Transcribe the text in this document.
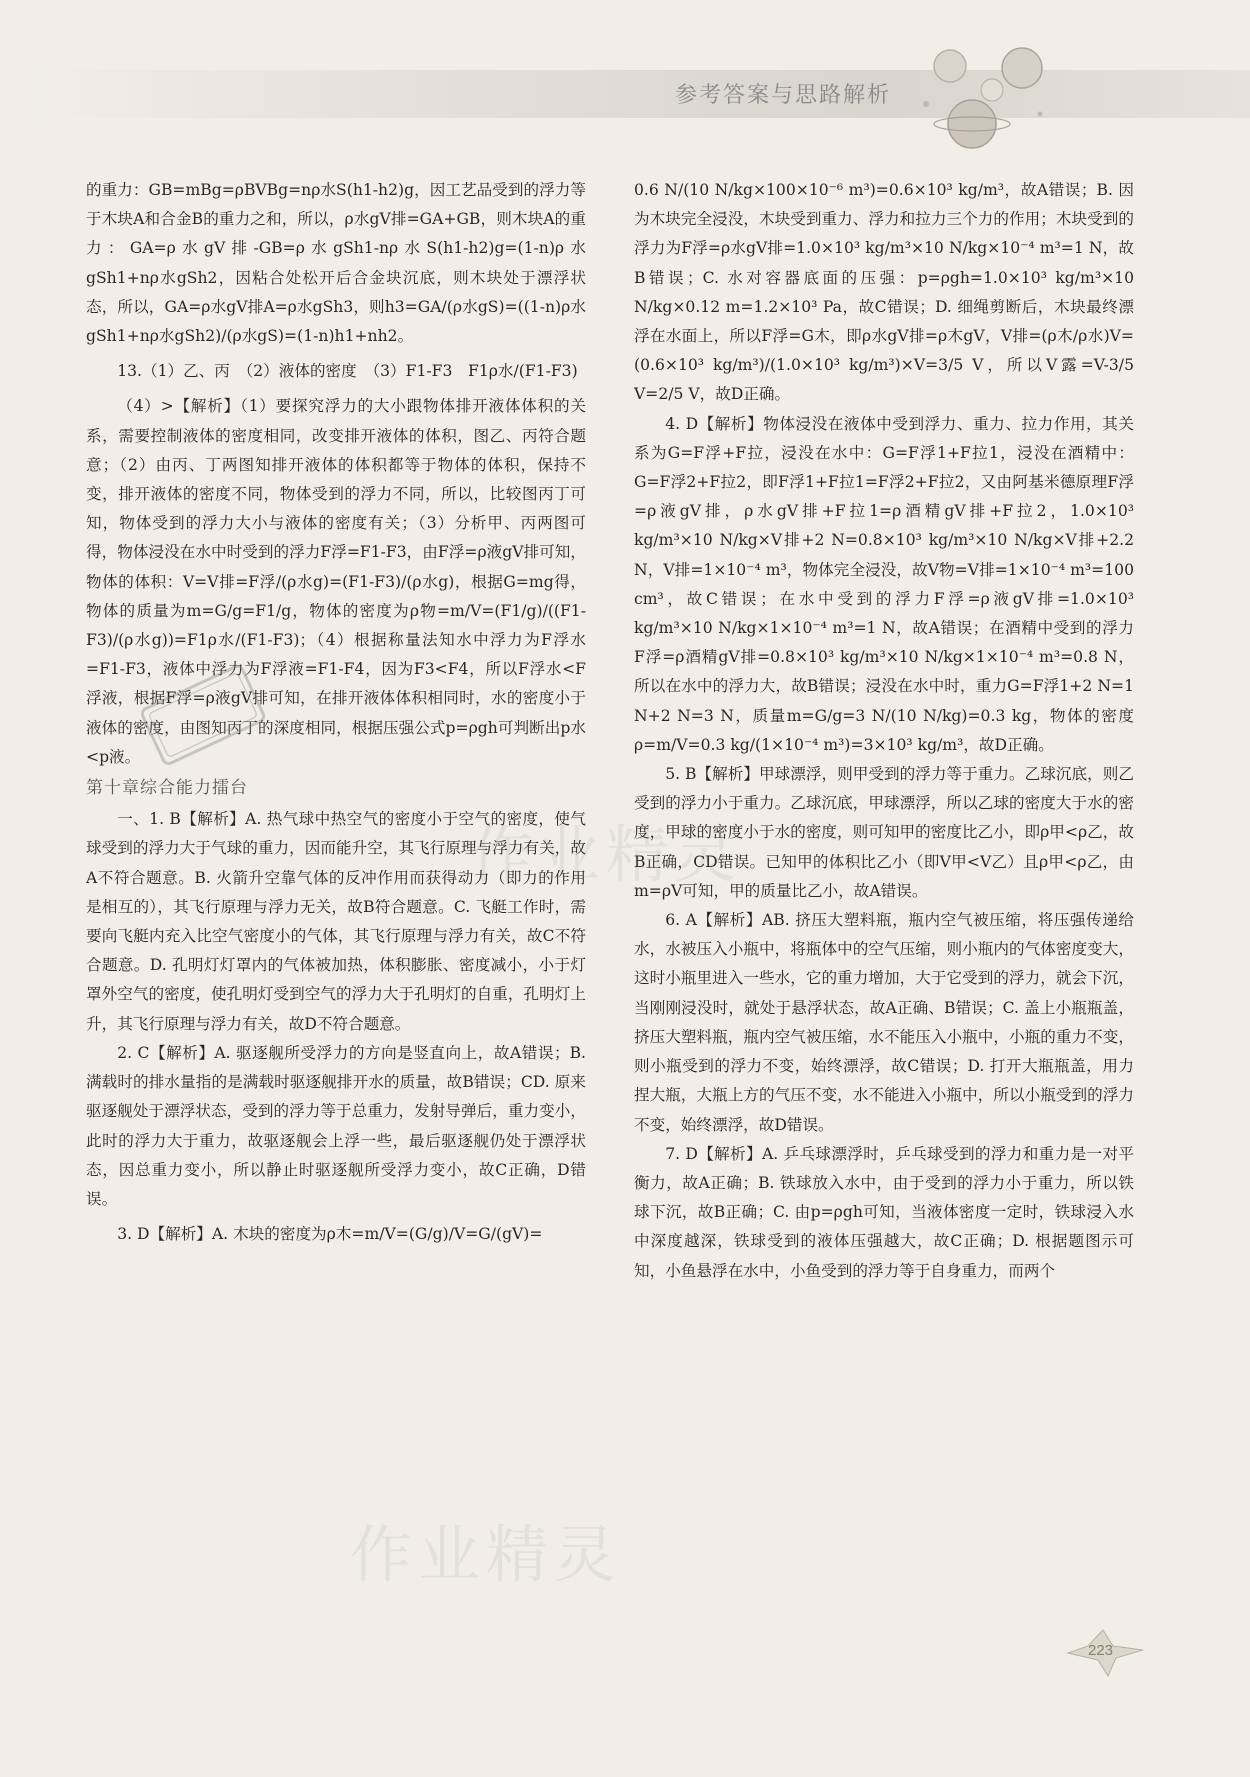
参考答案与思路解析

的重力：GB=mBg=ρBVBg=nρ水S(h1-h2)g，因工艺品受到的浮力等于木块A和合金B的重力之和，所以，ρ水gV排=GA+GB，则木块A的重力：GA=ρ水gV排-GB=ρ水gSh1-nρ水S(h1-h2)g=(1-n)ρ水gSh1+nρ水gSh2，因粘合处松开后合金块沉底，则木块处于漂浮状态，所以，GA=ρ水gV排A=ρ水gSh3，则h3=GA/(ρ水gS)=((1-n)ρ水gSh1+nρ水gSh2)/(ρ水gS)=(1-n)h1+nh2。

13.（1）乙、丙　（2）液体的密度　（3）F1-F3　F1ρ水/(F1-F3)

（4）>【解析】（1）要探究浮力的大小跟物体排开液体体积的关系，需要控制液体的密度相同，改变排开液体的体积，图乙、丙符合题意；（2）由丙、丁两图知排开液体的体积都等于物体的体积，保持不变，排开液体的密度不同，物体受到的浮力不同，所以，比较图丙丁可知，物体受到的浮力大小与液体的密度有关；（3）分析甲、丙两图可得，物体浸没在水中时受到的浮力F浮=F1-F3，由F浮=ρ液gV排可知，物体的体积：V=V排=F浮/(ρ水g)=(F1-F3)/(ρ水g)，根据G=mg得，物体的质量为m=G/g=F1/g，物体的密度为ρ物=m/V=(F1/g)/((F1-F3)/(ρ水g))=F1ρ水/(F1-F3)；（4）根据称量法知水中浮力为F浮水=F1-F3，液体中浮力为F浮液=F1-F4，因为F3<F4，所以F浮水<F浮液，根据F浮=ρ液gV排可知，在排开液体体积相同时，水的密度小于液体的密度，由图知丙丁的深度相同，根据压强公式p=ρgh可判断出p水<p液。

第十章综合能力擂台

一、1. B【解析】A. 热气球中热空气的密度小于空气的密度，使气球受到的浮力大于气球的重力，因而能升空，其飞行原理与浮力有关，故A不符合题意。B. 火箭升空靠气体的反冲作用而获得动力（即力的作用是相互的），其飞行原理与浮力无关，故B符合题意。C. 飞艇工作时，需要向飞艇内充入比空气密度小的气体，其飞行原理与浮力有关，故C不符合题意。D. 孔明灯灯罩内的气体被加热，体积膨胀、密度减小，小于灯罩外空气的密度，使孔明灯受到空气的浮力大于孔明灯的自重，孔明灯上升，其飞行原理与浮力有关，故D不符合题意。

2. C【解析】A. 驱逐舰所受浮力的方向是竖直向上，故A错误；B. 满载时的排水量指的是满载时驱逐舰排开水的质量，故B错误；CD. 原来驱逐舰处于漂浮状态，受到的浮力等于总重力，发射导弹后，重力变小，此时的浮力大于重力，故驱逐舰会上浮一些，最后驱逐舰仍处于漂浮状态，因总重力变小，所以静止时驱逐舰所受浮力变小，故C正确，D错误。

3. D【解析】A. 木块的密度为ρ木=m/V=(G/g)/V=G/(gV)=

0.6 N/(10 N/kg×100×10⁻⁶ m³)=0.6×10³ kg/m³，故A错误；B. 因为木块完全浸没，木块受到重力、浮力和拉力三个力的作用；木块受到的浮力为F浮=ρ水gV排=1.0×10³ kg/m³×10 N/kg×10⁻⁴ m³=1 N，故B错误；C. 水对容器底面的压强：p=ρgh=1.0×10³ kg/m³×10 N/kg×0.12 m=1.2×10³ Pa，故C错误；D. 细绳剪断后，木块最终漂浮在水面上，所以F浮=G木，即ρ水gV排=ρ木gV，V排=(ρ木/ρ水)V=(0.6×10³ kg/m³)/(1.0×10³ kg/m³)×V=3/5 V，所以V露=V-3/5 V=2/5 V，故D正确。

4. D【解析】物体浸没在液体中受到浮力、重力、拉力作用，其关系为G=F浮+F拉，浸没在水中：G=F浮1+F拉1，浸没在酒精中：G=F浮2+F拉2，即F浮1+F拉1=F浮2+F拉2，又由阿基米德原理F浮=ρ液gV排，ρ水gV排+F拉1=ρ酒精gV排+F拉2，1.0×10³ kg/m³×10 N/kg×V排+2 N=0.8×10³ kg/m³×10 N/kg×V排+2.2 N，V排=1×10⁻⁴ m³，物体完全浸没，故V物=V排=1×10⁻⁴ m³=100 cm³，故C错误；在水中受到的浮力F浮=ρ液gV排=1.0×10³ kg/m³×10 N/kg×1×10⁻⁴ m³=1 N，故A错误；在酒精中受到的浮力F浮=ρ酒精gV排=0.8×10³ kg/m³×10 N/kg×1×10⁻⁴ m³=0.8 N，所以在水中的浮力大，故B错误；浸没在水中时，重力G=F浮1+2 N=1 N+2 N=3 N，质量m=G/g=3 N/(10 N/kg)=0.3 kg，物体的密度ρ=m/V=0.3 kg/(1×10⁻⁴ m³)=3×10³ kg/m³，故D正确。

5. B【解析】甲球漂浮，则甲受到的浮力等于重力。乙球沉底，则乙受到的浮力小于重力。乙球沉底，甲球漂浮，所以乙球的密度大于水的密度，甲球的密度小于水的密度，则可知甲的密度比乙小，即ρ甲<ρ乙，故B正确，CD错误。已知甲的体积比乙小（即V甲<V乙）且ρ甲<ρ乙，由m=ρV可知，甲的质量比乙小，故A错误。

6. A【解析】AB. 挤压大塑料瓶，瓶内空气被压缩，将压强传递给水，水被压入小瓶中，将瓶体中的空气压缩，则小瓶内的气体密度变大，这时小瓶里进入一些水，它的重力增加，大于它受到的浮力，就会下沉，当刚刚浸没时，就处于悬浮状态，故A正确、B错误；C. 盖上小瓶瓶盖，挤压大塑料瓶，瓶内空气被压缩，水不能压入小瓶中，小瓶的重力不变，则小瓶受到的浮力不变，始终漂浮，故C错误；D. 打开大瓶瓶盖，用力捏大瓶，大瓶上方的气压不变，水不能进入小瓶中，所以小瓶受到的浮力不变，始终漂浮，故D错误。

7. D【解析】A. 乒乓球漂浮时，乒乓球受到的浮力和重力是一对平衡力，故A正确；B. 铁球放入水中，由于受到的浮力小于重力，所以铁球下沉，故B正确；C. 由p=ρgh可知，当液体密度一定时，铁球浸入水中深度越深，铁球受到的液体压强越大，故C正确；D. 根据题图示可知，小鱼悬浮在水中，小鱼受到的浮力等于自身重力，而两个

作业精灵
作业精灵
223
